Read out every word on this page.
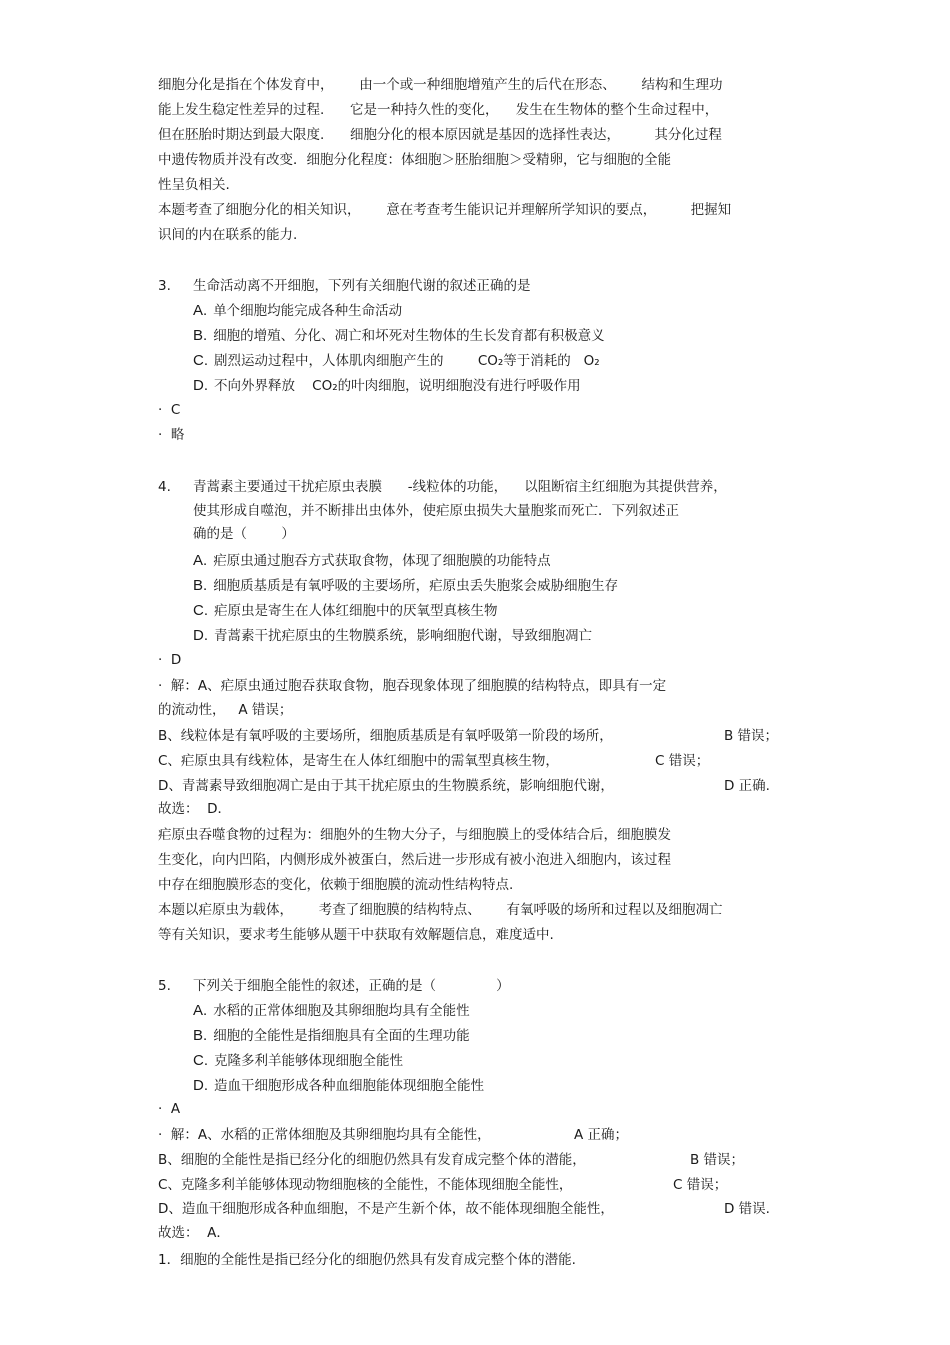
细胞分化是指在个体发育中，      由一个或一种细胞增殖产生的后代在形态、      结构和生理功
能上发生稳定性差异的过程.      它是一种持久性的变化，    发生在生物体的整个生命过程中，
但在胚胎时期达到最大限度.      细胞分化的根本原因就是基因的选择性表达，        其分化过程
中遗传物质并没有改变．细胞分化程度：体细胞＞胚胎细胞＞受精卵，它与细胞的全能
性呈负相关.
本题考查了细胞分化的相关知识，      意在考查考生能识记并理解所学知识的要点，        把握知
识间的内在联系的能力.
3. 生命活动离不开细胞，下列有关细胞代谢的叙述正确的是
A. 单个细胞均能完成各种生命活动
B. 细胞的增殖、分化、凋亡和坏死对生物体的生长发育都有积极意义
C. 剧烈运动过程中，人体肌肉细胞产生的        CO₂等于消耗的   O₂
D. 不向外界释放    CO₂的叶肉细胞，说明细胞没有进行呼吸作用
·  C
·  略
4. 青蒿素主要通过干扰疟原虫表膜      -线粒体的功能，    以阻断宿主红细胞为其提供营养，
使其形成自噬泡，并不断排出虫体外，使疟原虫损失大量胞浆而死亡．下列叙述正
确的是（        ）
A. 疟原虫通过胞吞方式获取食物，体现了细胞膜的功能特点
B. 细胞质基质是有氧呼吸的主要场所，疟原虫丢失胞浆会威胁细胞生存
C. 疟原虫是寄生在人体红细胞中的厌氧型真核生物
D. 青蒿素干扰疟原虫的生物膜系统，影响细胞代谢，导致细胞凋亡
·  D
·  解：A、疟原虫通过胞吞获取食物，胞吞现象体现了细胞膜的结构特点，即具有一定
的流动性，   A 错误；
B、线粒体是有氧呼吸的主要场所，细胞质基质是有氧呼吸第一阶段的场所，	B 错误；
C、疟原虫具有线粒体，是寄生在人体红细胞中的需氧型真核生物，	C 错误；
D、青蒿素导致细胞凋亡是由于其干扰疟原虫的生物膜系统，影响细胞代谢，	D 正确.
故选：  D．
疟原虫吞噬食物的过程为：细胞外的生物大分子，与细胞膜上的受体结合后，细胞膜发
生变化，向内凹陷，内侧形成外被蛋白，然后进一步形成有被小泡进入细胞内，该过程
中存在细胞膜形态的变化，依赖于细胞膜的流动性结构特点.
本题以疟原虫为载体，      考查了细胞膜的结构特点、      有氧呼吸的场所和过程以及细胞凋亡
等有关知识，要求考生能够从题干中获取有效解题信息，难度适中.
5. 下列关于细胞全能性的叙述，正确的是（              ）
A. 水稻的正常体细胞及其卵细胞均具有全能性
B. 细胞的全能性是指细胞具有全面的生理功能
C. 克隆多利羊能够体现细胞全能性
D. 造血干细胞形成各种血细胞能体现细胞全能性
·  A
·  解：A、水稻的正常体细胞及其卵细胞均具有全能性，	A 正确；
B、细胞的全能性是指已经分化的细胞仍然具有发育成完整个体的潜能，	B 错误；
C、克隆多利羊能够体现动物细胞核的全能性，不能体现细胞全能性，	C 错误；
D、造血干细胞形成各种血细胞，不是产生新个体，故不能体现细胞全能性，	D 错误.
故选：  A．
1．细胞的全能性是指已经分化的细胞仍然具有发育成完整个体的潜能.
